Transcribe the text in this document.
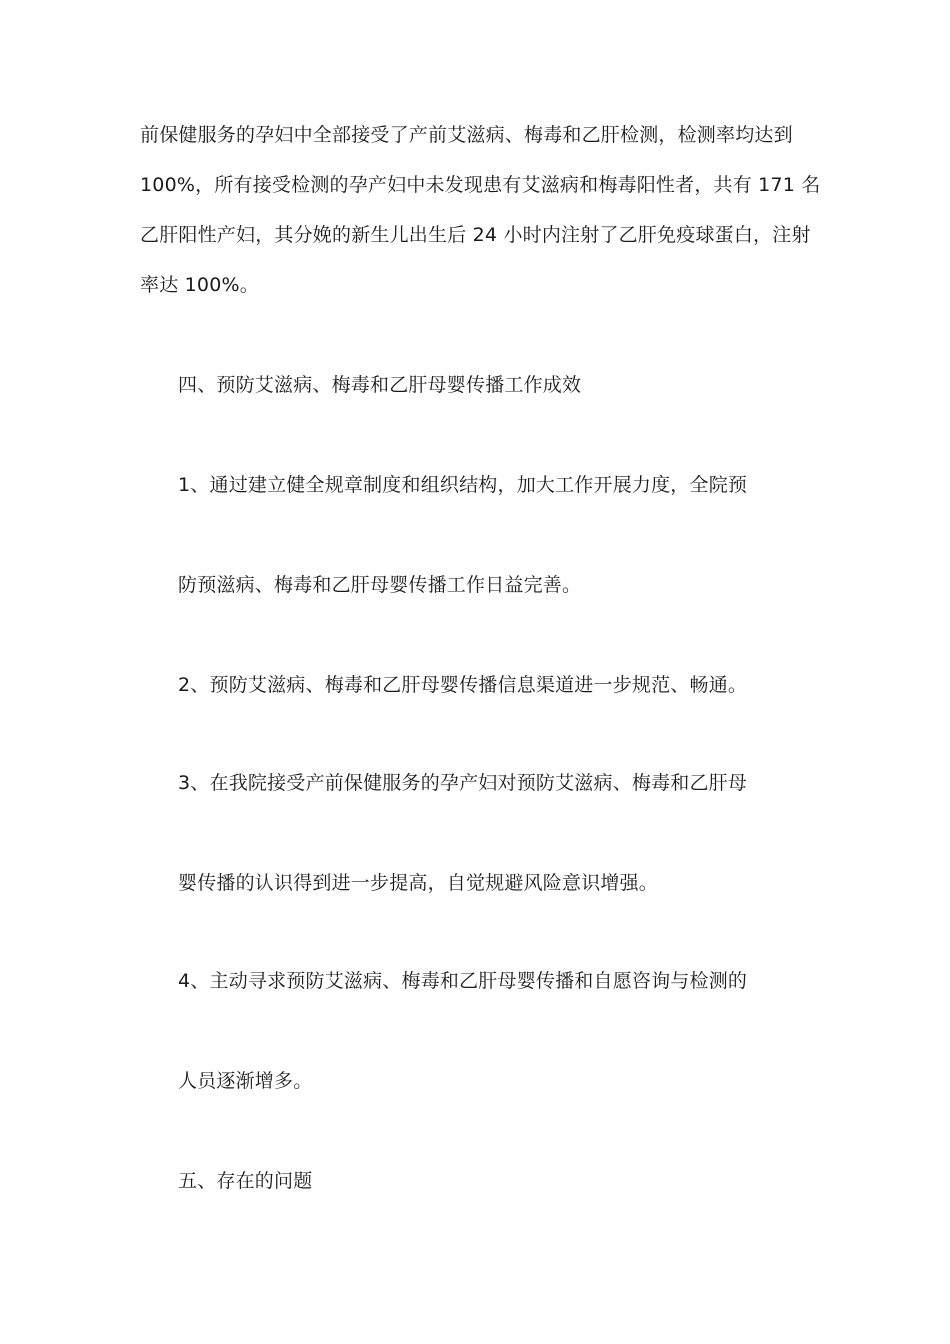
前保健服务的孕妇中全部接受了产前艾滋病、梅毒和乙肝检测，检测率均达到
100%，所有接受检测的孕产妇中未发现患有艾滋病和梅毒阳性者，共有 171 名
乙肝阳性产妇，其分娩的新生儿出生后 24 小时内注射了乙肝免疫球蛋白，注射
率达 100%。
四、预防艾滋病、梅毒和乙肝母婴传播工作成效
1、通过建立健全规章制度和组织结构，加大工作开展力度，全院预
防预滋病、梅毒和乙肝母婴传播工作日益完善。
2、预防艾滋病、梅毒和乙肝母婴传播信息渠道进一步规范、畅通。
3、在我院接受产前保健服务的孕产妇对预防艾滋病、梅毒和乙肝母
婴传播的认识得到进一步提高，自觉规避风险意识增强。
4、主动寻求预防艾滋病、梅毒和乙肝母婴传播和自愿咨询与检测的
人员逐渐增多。
五、存在的问题
